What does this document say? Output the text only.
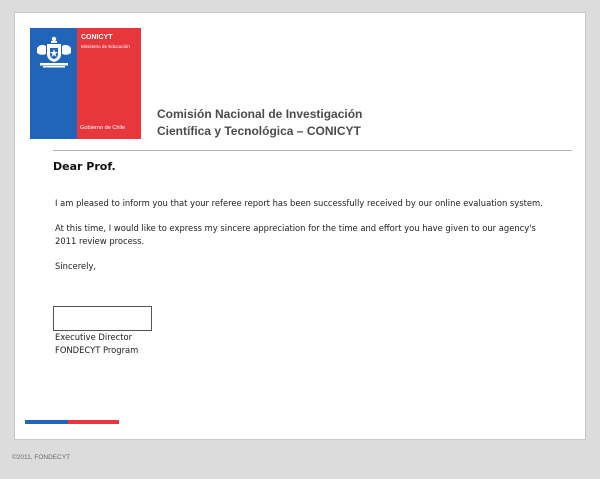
CONICYT
Ministerio de Educación
Gobierno de Chile
Comisión Nacional de Investigación
Científica y Tecnológica – CONICYT
Dear Prof.

I am pleased to inform you that your referee report has been successfully received by our online evaluation system.

At this time, I would like to express my sincere appreciation for the time and effort you have given to our agency's 2011 review process.

Sincerely,

Executive Director
FONDECYT Program
©2011, FONDECYT
